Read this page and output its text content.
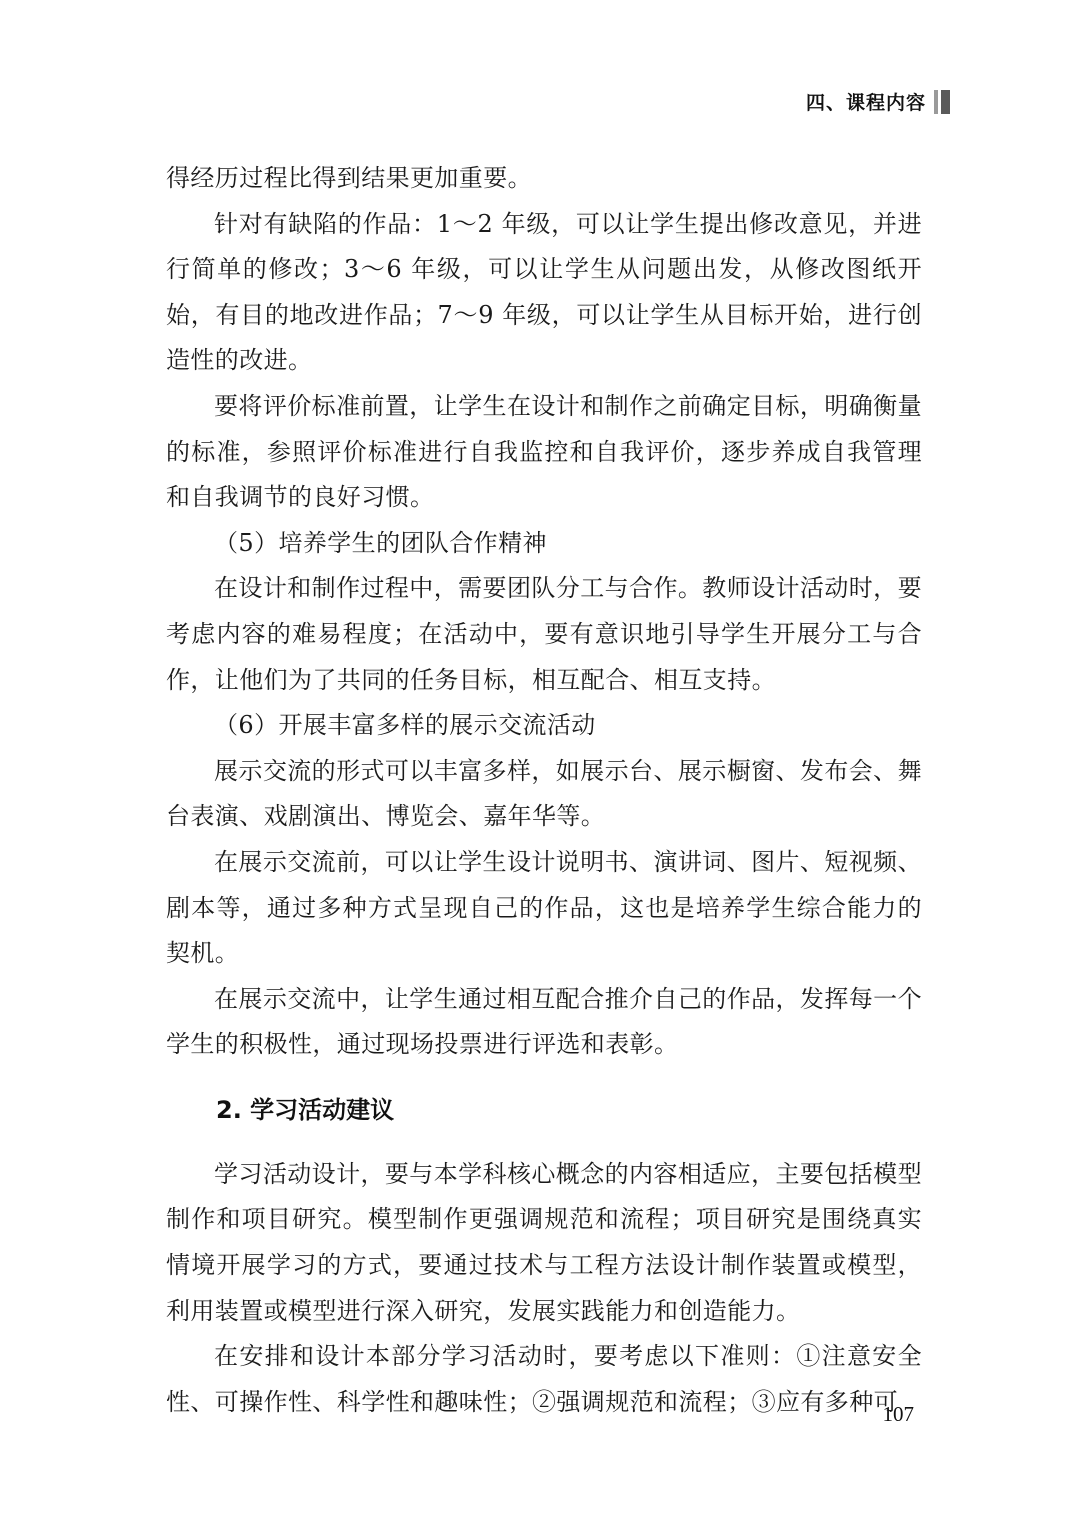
四、课程内容

得经历过程比得到结果更加重要。

针对有缺陷的作品：1～2 年级，可以让学生提出修改意见，并进行简单的修改；3～6 年级，可以让学生从问题出发，从修改图纸开始，有目的地改进作品；7～9 年级，可以让学生从目标开始，进行创造性的改进。

要将评价标准前置，让学生在设计和制作之前确定目标，明确衡量的标准，参照评价标准进行自我监控和自我评价，逐步养成自我管理和自我调节的良好习惯。

（5）培养学生的团队合作精神

在设计和制作过程中，需要团队分工与合作。教师设计活动时，要考虑内容的难易程度；在活动中，要有意识地引导学生开展分工与合作，让他们为了共同的任务目标，相互配合、相互支持。

（6）开展丰富多样的展示交流活动

展示交流的形式可以丰富多样，如展示台、展示橱窗、发布会、舞台表演、戏剧演出、博览会、嘉年华等。

在展示交流前，可以让学生设计说明书、演讲词、图片、短视频、剧本等，通过多种方式呈现自己的作品，这也是培养学生综合能力的契机。

在展示交流中，让学生通过相互配合推介自己的作品，发挥每一个学生的积极性，通过现场投票进行评选和表彰。

2. 学习活动建议

学习活动设计，要与本学科核心概念的内容相适应，主要包括模型制作和项目研究。模型制作更强调规范和流程；项目研究是围绕真实情境开展学习的方式，要通过技术与工程方法设计制作装置或模型，利用装置或模型进行深入研究，发展实践能力和创造能力。

在安排和设计本部分学习活动时，要考虑以下准则：①注意安全性、可操作性、科学性和趣味性；②强调规范和流程；③应有多种可

107
